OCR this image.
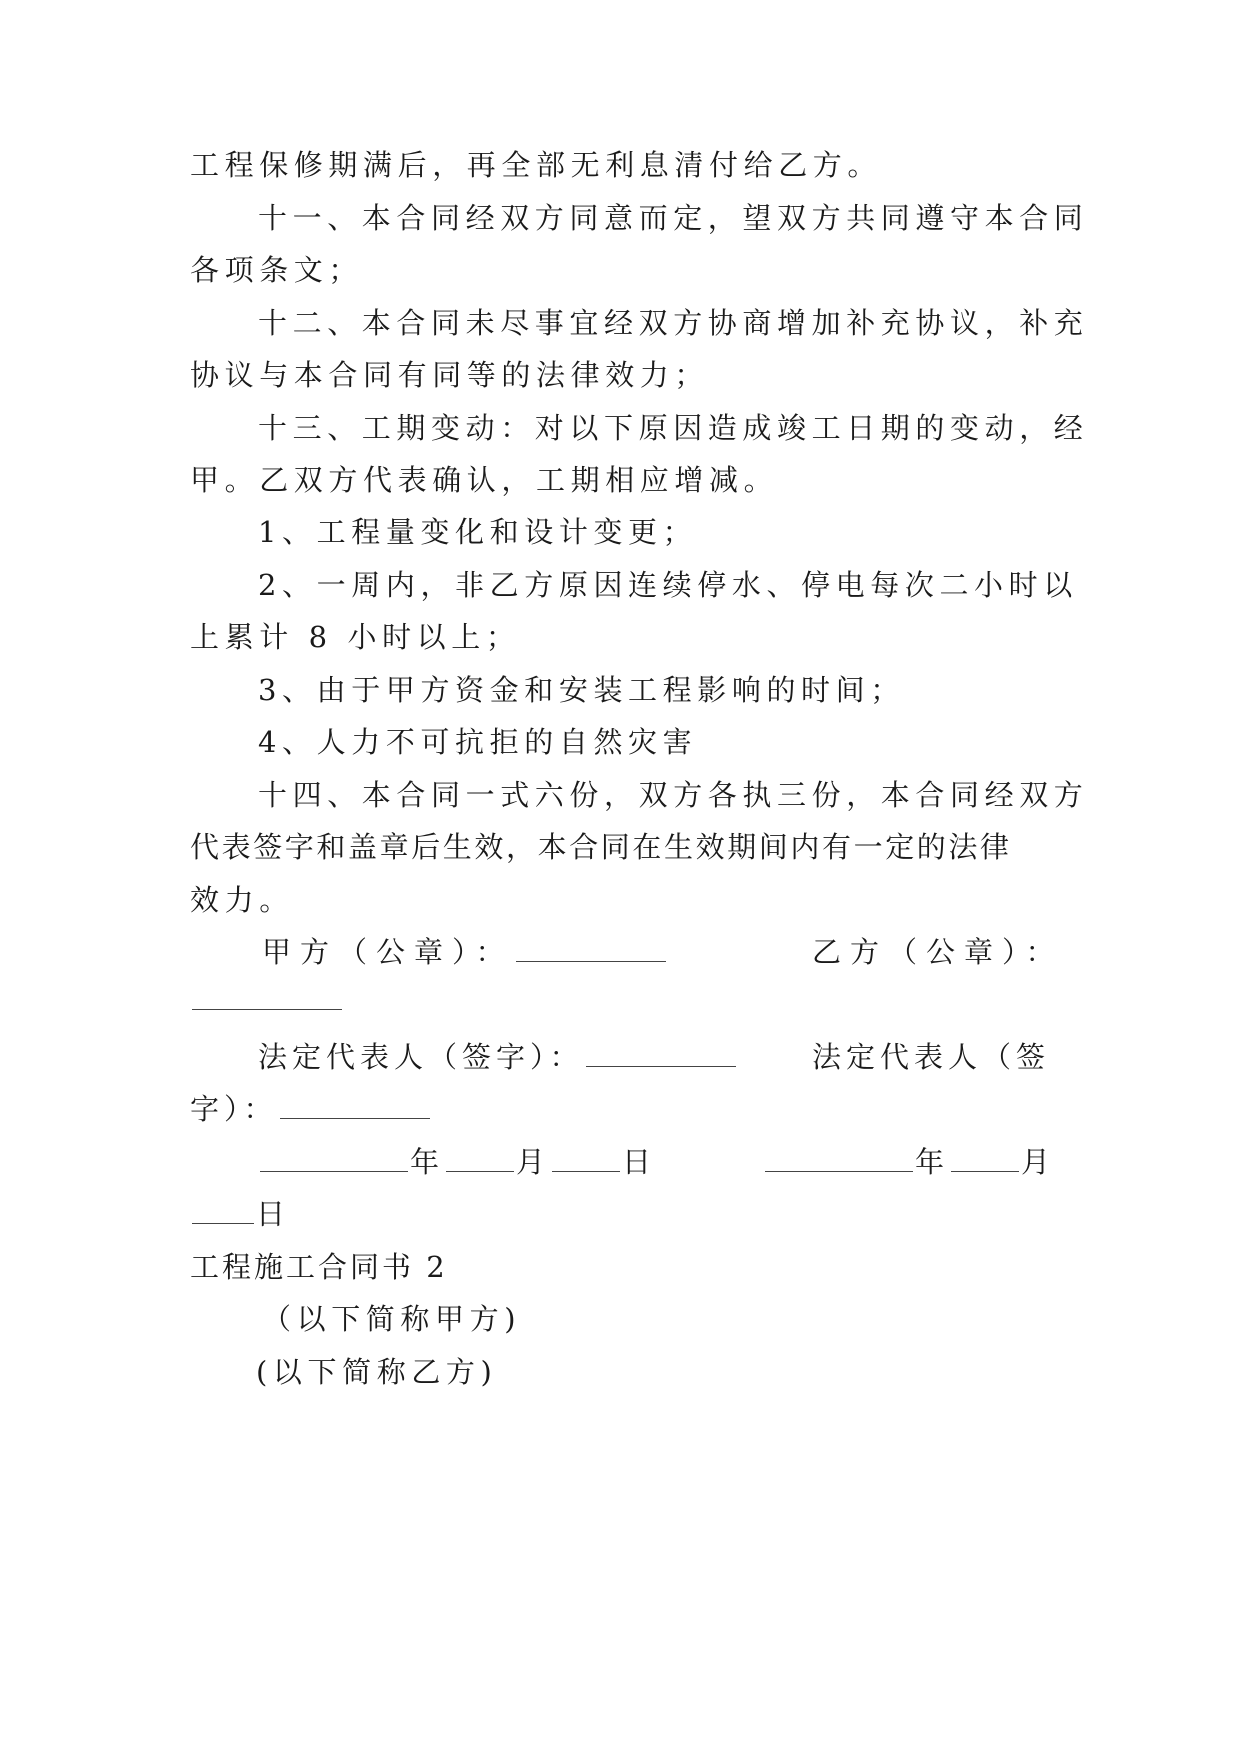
工程保修期满后，再全部无利息清付给乙方。
十一、本合同经双方同意而定，望双方共同遵守本合同
各项条文；
十二、本合同未尽事宜经双方协商增加补充协议，补充
协议与本合同有同等的法律效力；
十三、工期变动：对以下原因造成竣工日期的变动，经
甲。乙双方代表确认，工期相应增减。
1、工程量变化和设计变更；
2、一周内，非乙方原因连续停水、停电每次二小时以
上累计 8 小时以上；
3、由于甲方资金和安装工程影响的时间；
4、人力不可抗拒的自然灾害
十四、本合同一式六份，双方各执三份，本合同经双方
代表签字和盖章后生效，本合同在生效期间内有一定的法律
效力。
甲方（公章）：	乙方（公章）：
法定代表人（签字）：	法定代表人（签
字）：
年 月 日	年 月
日
工程施工合同书 2
（以下简称甲方)
(以下简称乙方)
